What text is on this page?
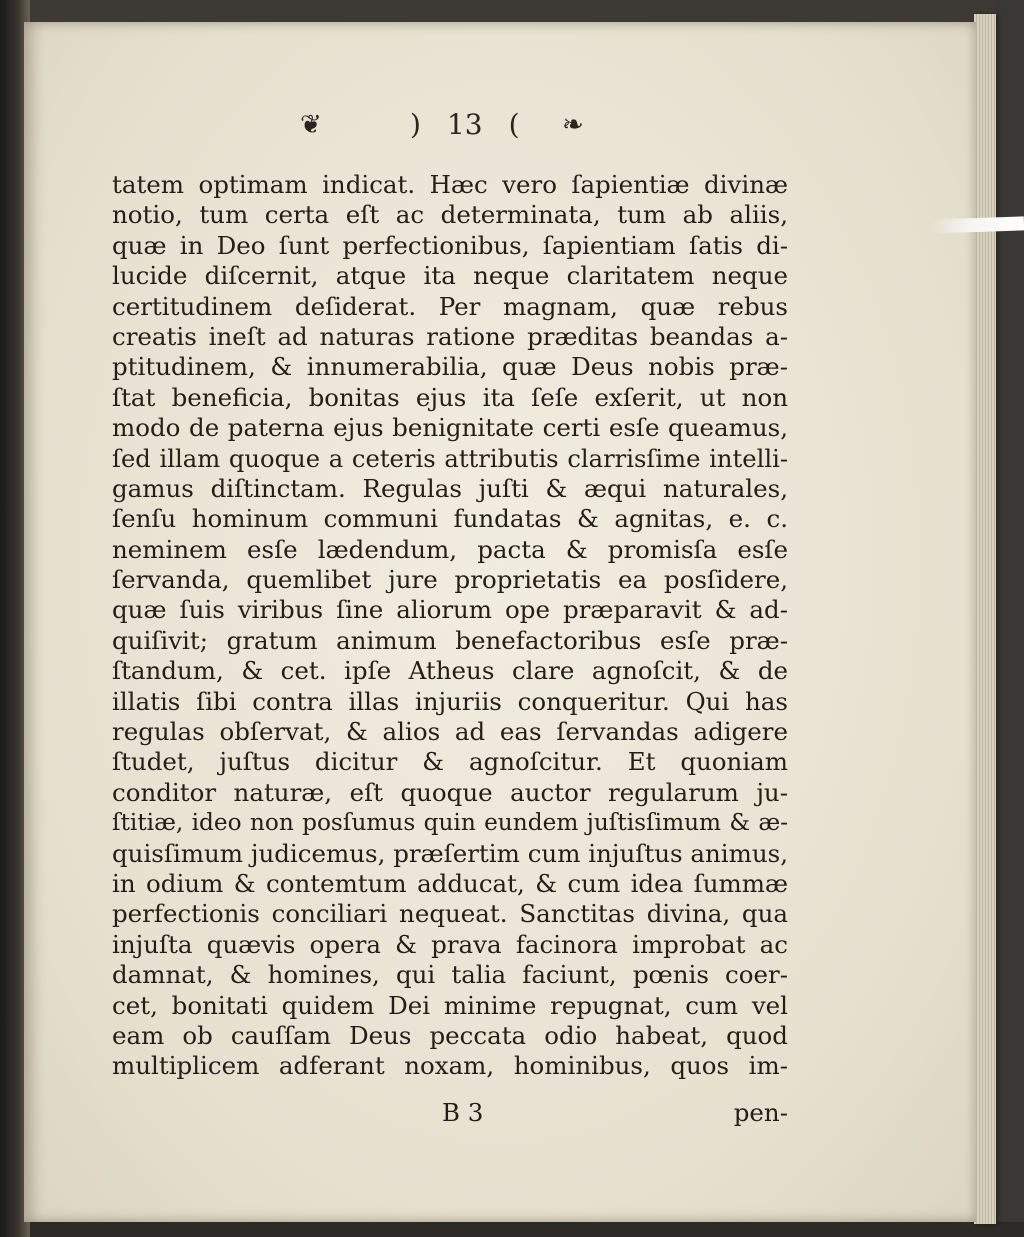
❦	) 13 ( ❧
tatem optimam indicat. Hæc vero ſapientiæ divinæ
notio, tum certa eſt ac determinata, tum ab aliis,
quæ in Deo ſunt perfectionibus, ſapientiam ſatis di-
lucide diſcernit, atque ita neque claritatem neque
certitudinem deſiderat. Per magnam, quæ rebus
creatis ineſt ad naturas ratione præditas beandas a-
ptitudinem, & innumerabilia, quæ Deus nobis præ-
ſtat beneficia, bonitas ejus ita ſeſe exſerit, ut non
modo de paterna ejus benignitate certi esſe queamus,
ſed illam quoque a ceteris attributis clarrisſime intelli-
gamus diſtinctam. Regulas juſti & æqui naturales,
ſenſu hominum communi fundatas & agnitas, e. c.
neminem esſe lædendum, pacta & promisſa esſe
ſervanda, quemlibet jure proprietatis ea posſidere,
quæ ſuis viribus ſine aliorum ope præparavit & ad-
quiſivit; gratum animum benefactoribus esſe præ-
ſtandum, & cet. ipſe Atheus clare agnoſcit, & de
illatis ſibi contra illas injuriis conqueritur. Qui has
regulas obſervat, & alios ad eas ſervandas adigere
ſtudet, juſtus dicitur & agnoſcitur. Et quoniam
conditor naturæ, eſt quoque auctor regularum ju-
ſtitiæ, ideo non posſumus quin eundem juſtisſimum & æ-
quisſimum judicemus, præſertim cum injuſtus animus,
in odium & contemtum adducat, & cum idea ſummæ
perfectionis conciliari nequeat. Sanctitas divina, qua
injuſta quævis opera & prava facinora improbat ac
damnat, & homines, qui talia faciunt, pœnis coer-
cet, bonitati quidem Dei minime repugnat, cum vel
eam ob cauſſam Deus peccata odio habeat, quod
multiplicem adferant noxam, hominibus, quos im-
B 3	pen-
